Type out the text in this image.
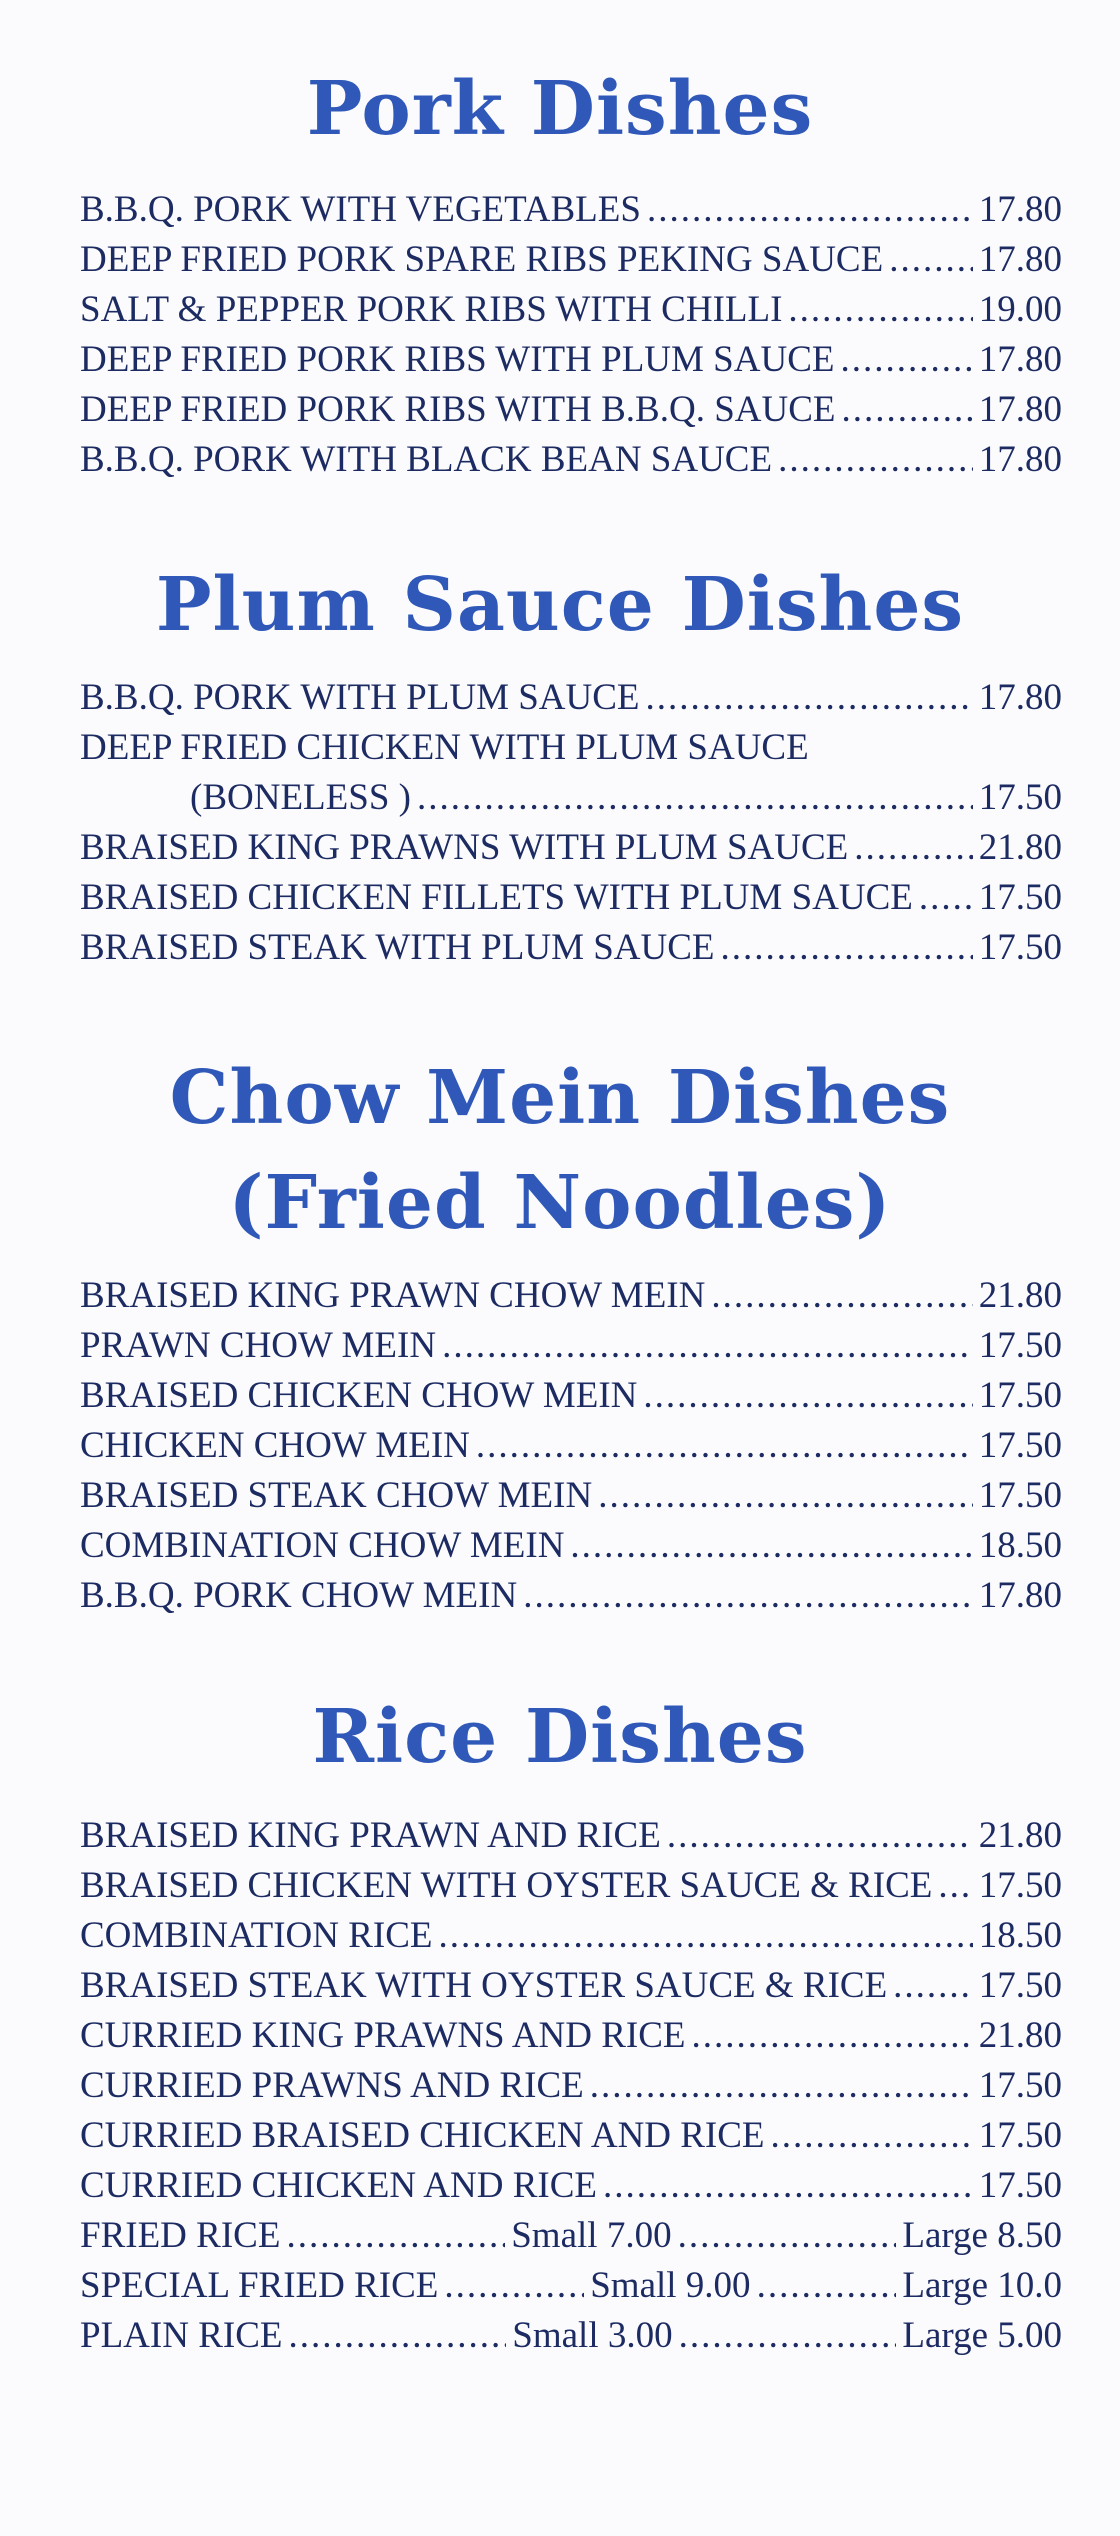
Pork Dishes
B.B.Q. PORK WITH VEGETABLES .....	17.80
DEEP FRIED PORK SPARE RIBS PEKING SAUCE .....	17.80
SALT & PEPPER PORK RIBS WITH CHILLI .....	19.00
DEEP FRIED PORK RIBS WITH PLUM SAUCE .....	17.80
DEEP FRIED PORK RIBS WITH B.B.Q. SAUCE .....	17.80
B.B.Q. PORK WITH BLACK BEAN SAUCE .....	17.80
Plum Sauce Dishes
B.B.Q. PORK WITH PLUM SAUCE .....	17.80
DEEP FRIED CHICKEN WITH PLUM SAUCE
(BONELESS ) .....	17.50
BRAISED KING PRAWNS WITH PLUM SAUCE .....	21.80
BRAISED CHICKEN FILLETS WITH PLUM SAUCE ..... 17.50
BRAISED STEAK WITH PLUM SAUCE .....	17.50
Chow Mein Dishes
(Fried Noodles)
BRAISED KING PRAWN CHOW MEIN .....	21.80
PRAWN CHOW MEIN .....	17.50
BRAISED CHICKEN CHOW MEIN .....	17.50
CHICKEN CHOW MEIN .....	17.50
BRAISED STEAK CHOW MEIN .....	17.50
COMBINATION CHOW MEIN .....	18.50
B.B.Q. PORK CHOW MEIN .....	17.80
Rice Dishes
BRAISED KING PRAWN AND RICE .....	21.80
BRAISED CHICKEN WITH OYSTER SAUCE & RICE ..... 17.50
COMBINATION RICE .....	18.50
BRAISED STEAK WITH OYSTER SAUCE & RICE ..... 17.50
CURRIED KING PRAWNS AND RICE .....	21.80
CURRIED PRAWNS AND RICE .....	17.50
CURRIED BRAISED CHICKEN AND RICE .....	17.50
CURRIED CHICKEN AND RICE .....	17.50
FRIED RICE .....	Small 7.00 .....	Large 8.50
SPECIAL FRIED RICE .....	Small 9.00 .....	Large 10.0
PLAIN RICE .....	Small 3.00 .....	Large 5.00
